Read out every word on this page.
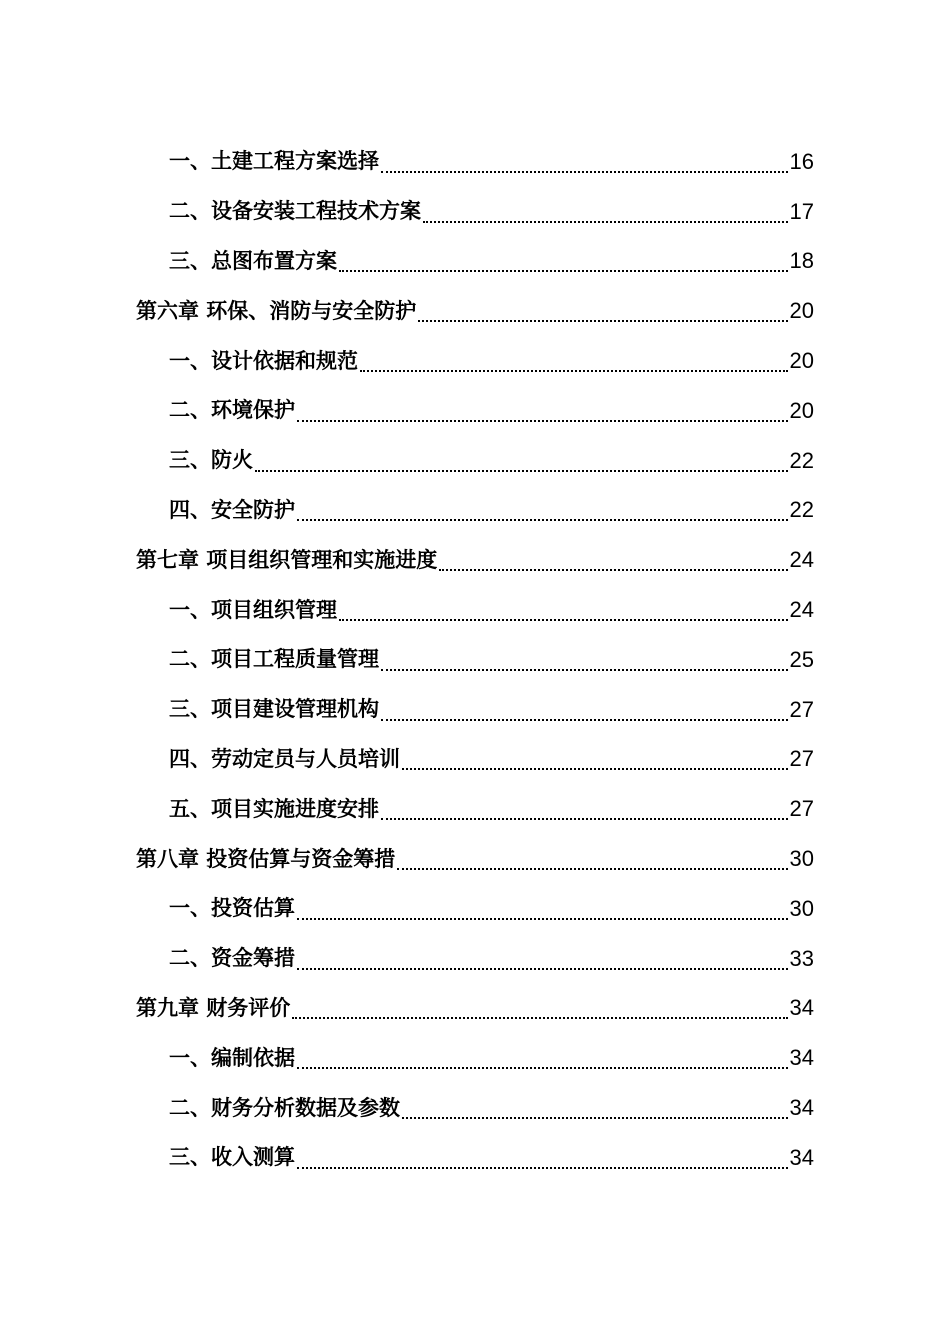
一、土建工程方案选择	16
二、设备安装工程技术方案	17
三、总图布置方案	18
第六章 环保、消防与安全防护	20
一、设计依据和规范	20
二、环境保护	20
三、防火	22
四、安全防护	22
第七章 项目组织管理和实施进度	24
一、项目组织管理	24
二、项目工程质量管理	25
三、项目建设管理机构	27
四、劳动定员与人员培训	27
五、项目实施进度安排	27
第八章 投资估算与资金筹措	30
一、投资估算	30
二、资金筹措	33
第九章 财务评价	34
一、编制依据	34
二、财务分析数据及参数	34
三、收入测算	34
